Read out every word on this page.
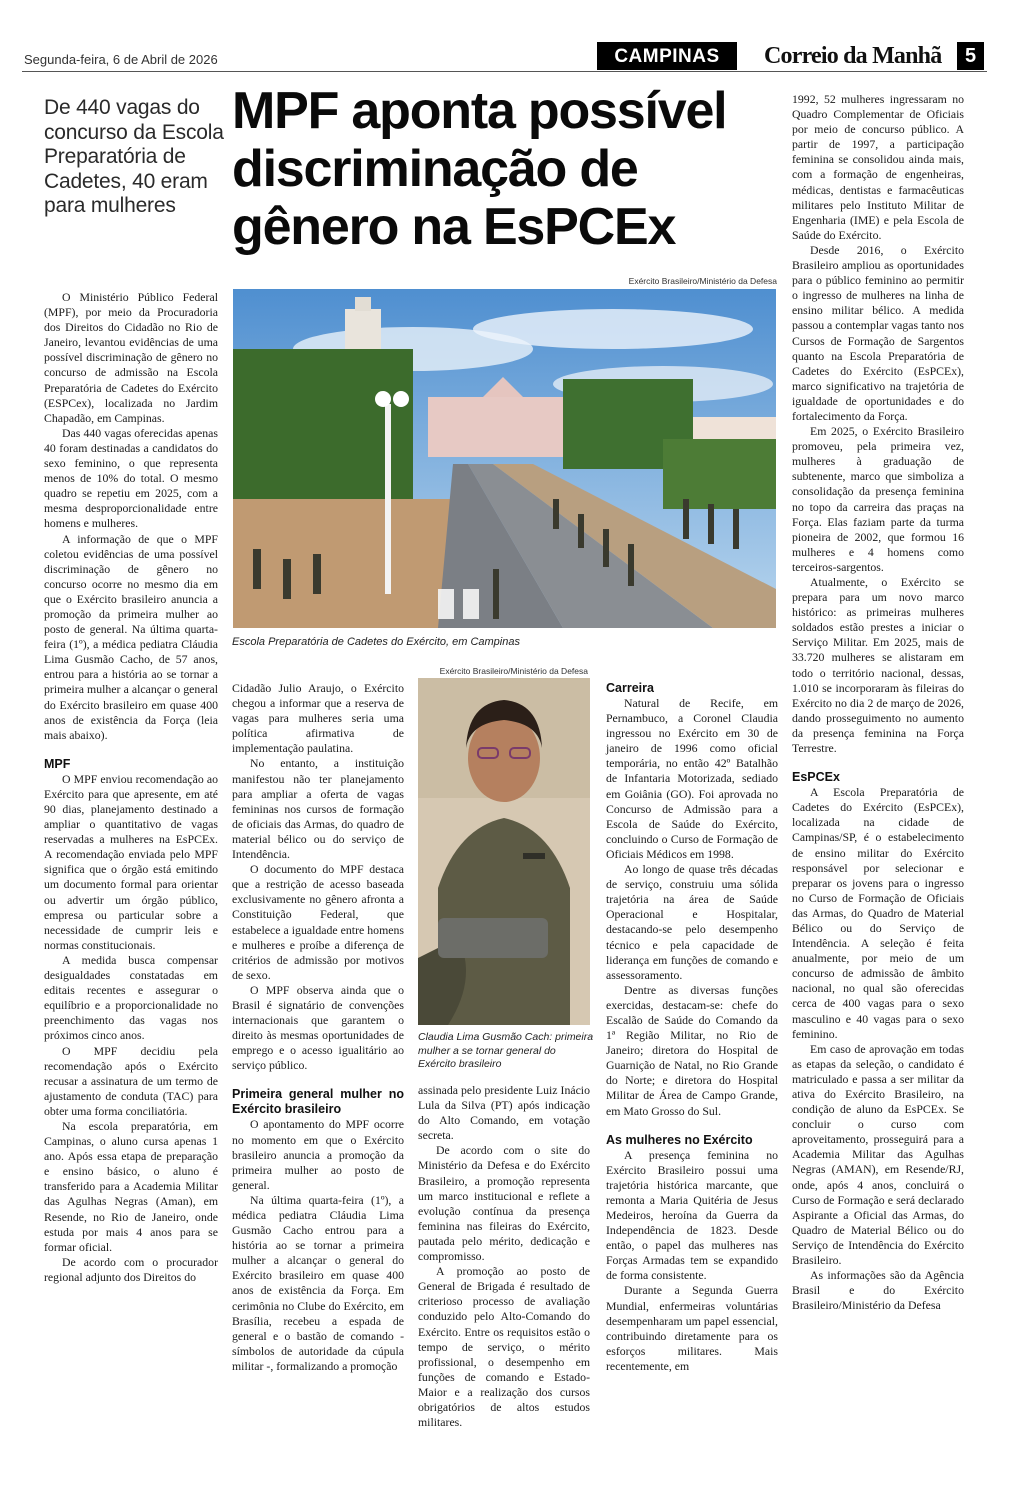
Segunda-feira, 6 de Abril de 2026	CAMPINAS	Correio da Manhã	5
De 440 vagas do concurso da Escola Preparatória de Cadetes, 40 eram para mulheres
MPF aponta possível discriminação de gênero na EsPCEx
Exército Brasileiro/Ministério da Defesa
Escola Preparatória de Cadetes do Exército, em Campinas
Exército Brasileiro/Ministério da Defesa
Claudia Lima Gusmão Cach: primeira mulher a se tornar general do Exército brasileiro

O Ministério Público Federal (MPF), por meio da Procuradoria dos Direitos do Cidadão no Rio de Janeiro, levantou evidências de uma possível discriminação de gênero no concurso de admissão na Escola Preparatória de Cadetes do Exército (ESPCex), localizada no Jardim Chapadão, em Campinas.

Das 440 vagas oferecidas apenas 40 foram destinadas a candidatos do sexo feminino, o que representa menos de 10% do total. O mesmo quadro se repetiu em 2025, com a mesma desproporcionalidade entre homens e mulheres.

A informação de que o MPF coletou evidências de uma possível discriminação de gênero no concurso ocorre no mesmo dia em que o Exército brasileiro anuncia a promoção da primeira mulher ao posto de general. Na última quarta-feira (1º), a médica pediatra Cláudia Lima Gusmão Cacho, de 57 anos, entrou para a história ao se tornar a primeira mulher a alcançar o general do Exército brasileiro em quase 400 anos de existência da Força (leia mais abaixo).

MPF

O MPF enviou recomendação ao Exército para que apresente, em até 90 dias, planejamento destinado a ampliar o quantitativo de vagas reservadas a mulheres na EsPCEx. A recomendação enviada pelo MPF significa que o órgão está emitindo um documento formal para orientar ou advertir um órgão público, empresa ou particular sobre a necessidade de cumprir leis e normas constitucionais.

A medida busca compensar desigualdades constatadas em editais recentes e assegurar o equilíbrio e a proporcionalidade no preenchimento das vagas nos próximos cinco anos.

O MPF decidiu pela recomendação após o Exército recusar a assinatura de um termo de ajustamento de conduta (TAC) para obter uma forma conciliatória.

Na escola preparatória, em Campinas, o aluno cursa apenas 1 ano. Após essa etapa de preparação e ensino básico, o aluno é transferido para a Academia Militar das Agulhas Negras (Aman), em Resende, no Rio de Janeiro, onde estuda por mais 4 anos para se formar oficial.

De acordo com o procurador regional adjunto dos Direitos do

Cidadão Julio Araujo, o Exército chegou a informar que a reserva de vagas para mulheres seria uma política afirmativa de implementação paulatina.

No entanto, a instituição manifestou não ter planejamento para ampliar a oferta de vagas femininas nos cursos de formação de oficiais das Armas, do quadro de material bélico ou do serviço de Intendência.

O documento do MPF destaca que a restrição de acesso baseada exclusivamente no gênero afronta a Constituição Federal, que estabelece a igualdade entre homens e mulheres e proíbe a diferença de critérios de admissão por motivos de sexo.

O MPF observa ainda que o Brasil é signatário de convenções internacionais que garantem o direito às mesmas oportunidades de emprego e o acesso igualitário ao serviço público.

Primeira general mulher no Exército brasileiro

O apontamento do MPF ocorre no momento em que o Exército brasileiro anuncia a promoção da primeira mulher ao posto de general.

Na última quarta-feira (1º), a médica pediatra Cláudia Lima Gusmão Cacho entrou para a história ao se tornar a primeira mulher a alcançar o general do Exército brasileiro em quase 400 anos de existência da Força. Em cerimônia no Clube do Exército, em Brasília, recebeu a espada de general e o bastão de comando - símbolos de autoridade da cúpula militar -, formalizando a promoção

assinada pelo presidente Luiz Inácio Lula da Silva (PT) após indicação do Alto Comando, em votação secreta.

De acordo com o site do Ministério da Defesa e do Exército Brasileiro, a promoção representa um marco institucional e reflete a evolução contínua da presença feminina nas fileiras do Exército, pautada pelo mérito, dedicação e compromisso.

A promoção ao posto de General de Brigada é resultado de criterioso processo de avaliação conduzido pelo Alto-Comando do Exército. Entre os requisitos estão o tempo de serviço, o mérito profissional, o desempenho em funções de comando e Estado-Maior e a realização dos cursos obrigatórios de altos estudos militares.

Carreira

Natural de Recife, em Pernambuco, a Coronel Claudia ingressou no Exército em 30 de janeiro de 1996 como oficial temporária, no então 42º Batalhão de Infantaria Motorizada, sediado em Goiânia (GO). Foi aprovada no Concurso de Admissão para a Escola de Saúde do Exército, concluindo o Curso de Formação de Oficiais Médicos em 1998.

Ao longo de quase três décadas de serviço, construiu uma sólida trajetória na área de Saúde Operacional e Hospitalar, destacando-se pelo desempenho técnico e pela capacidade de liderança em funções de comando e assessoramento.

Dentre as diversas funções exercidas, destacam-se: chefe do Escalão de Saúde do Comando da 1ª Região Militar, no Rio de Janeiro; diretora do Hospital de Guarnição de Natal, no Rio Grande do Norte; e diretora do Hospital Militar de Área de Campo Grande, em Mato Grosso do Sul.

As mulheres no Exército

A presença feminina no Exército Brasileiro possui uma trajetória histórica marcante, que remonta a Maria Quitéria de Jesus Medeiros, heroína da Guerra da Independência de 1823. Desde então, o papel das mulheres nas Forças Armadas tem se expandido de forma consistente.

Durante a Segunda Guerra Mundial, enfermeiras voluntárias desempenharam um papel essencial, contribuindo diretamente para os esforços militares. Mais recentemente, em

1992, 52 mulheres ingressaram no Quadro Complementar de Oficiais por meio de concurso público. A partir de 1997, a participação feminina se consolidou ainda mais, com a formação de engenheiras, médicas, dentistas e farmacêuticas militares pelo Instituto Militar de Engenharia (IME) e pela Escola de Saúde do Exército.

Desde 2016, o Exército Brasileiro ampliou as oportunidades para o público feminino ao permitir o ingresso de mulheres na linha de ensino militar bélico. A medida passou a contemplar vagas tanto nos Cursos de Formação de Sargentos quanto na Escola Preparatória de Cadetes do Exército (EsPCEx), marco significativo na trajetória de igualdade de oportunidades e do fortalecimento da Força.

Em 2025, o Exército Brasileiro promoveu, pela primeira vez, mulheres à graduação de subtenente, marco que simboliza a consolidação da presença feminina no topo da carreira das praças na Força. Elas faziam parte da turma pioneira de 2002, que formou 16 mulheres e 4 homens como terceiros-sargentos.

Atualmente, o Exército se prepara para um novo marco histórico: as primeiras mulheres soldados estão prestes a iniciar o Serviço Militar. Em 2025, mais de 33.720 mulheres se alistaram em todo o território nacional, dessas, 1.010 se incorporaram às fileiras do Exército no dia 2 de março de 2026, dando prosseguimento no aumento da presença feminina na Força Terrestre.

EsPCEx

A Escola Preparatória de Cadetes do Exército (EsPCEx), localizada na cidade de Campinas/SP, é o estabelecimento de ensino militar do Exército responsável por selecionar e preparar os jovens para o ingresso no Curso de Formação de Oficiais das Armas, do Quadro de Material Bélico ou do Serviço de Intendência. A seleção é feita anualmente, por meio de um concurso de admissão de âmbito nacional, no qual são oferecidas cerca de 400 vagas para o sexo masculino e 40 vagas para o sexo feminino.

Em caso de aprovação em todas as etapas da seleção, o candidato é matriculado e passa a ser militar da ativa do Exército Brasileiro, na condição de aluno da EsPCEx. Se concluir o curso com aproveitamento, prosseguirá para a Academia Militar das Agulhas Negras (AMAN), em Resende/RJ, onde, após 4 anos, concluirá o Curso de Formação e será declarado Aspirante a Oficial das Armas, do Quadro de Material Bélico ou do Serviço de Intendência do Exército Brasileiro.

As informações são da Agência Brasil e do Exército Brasileiro/Ministério da Defesa
